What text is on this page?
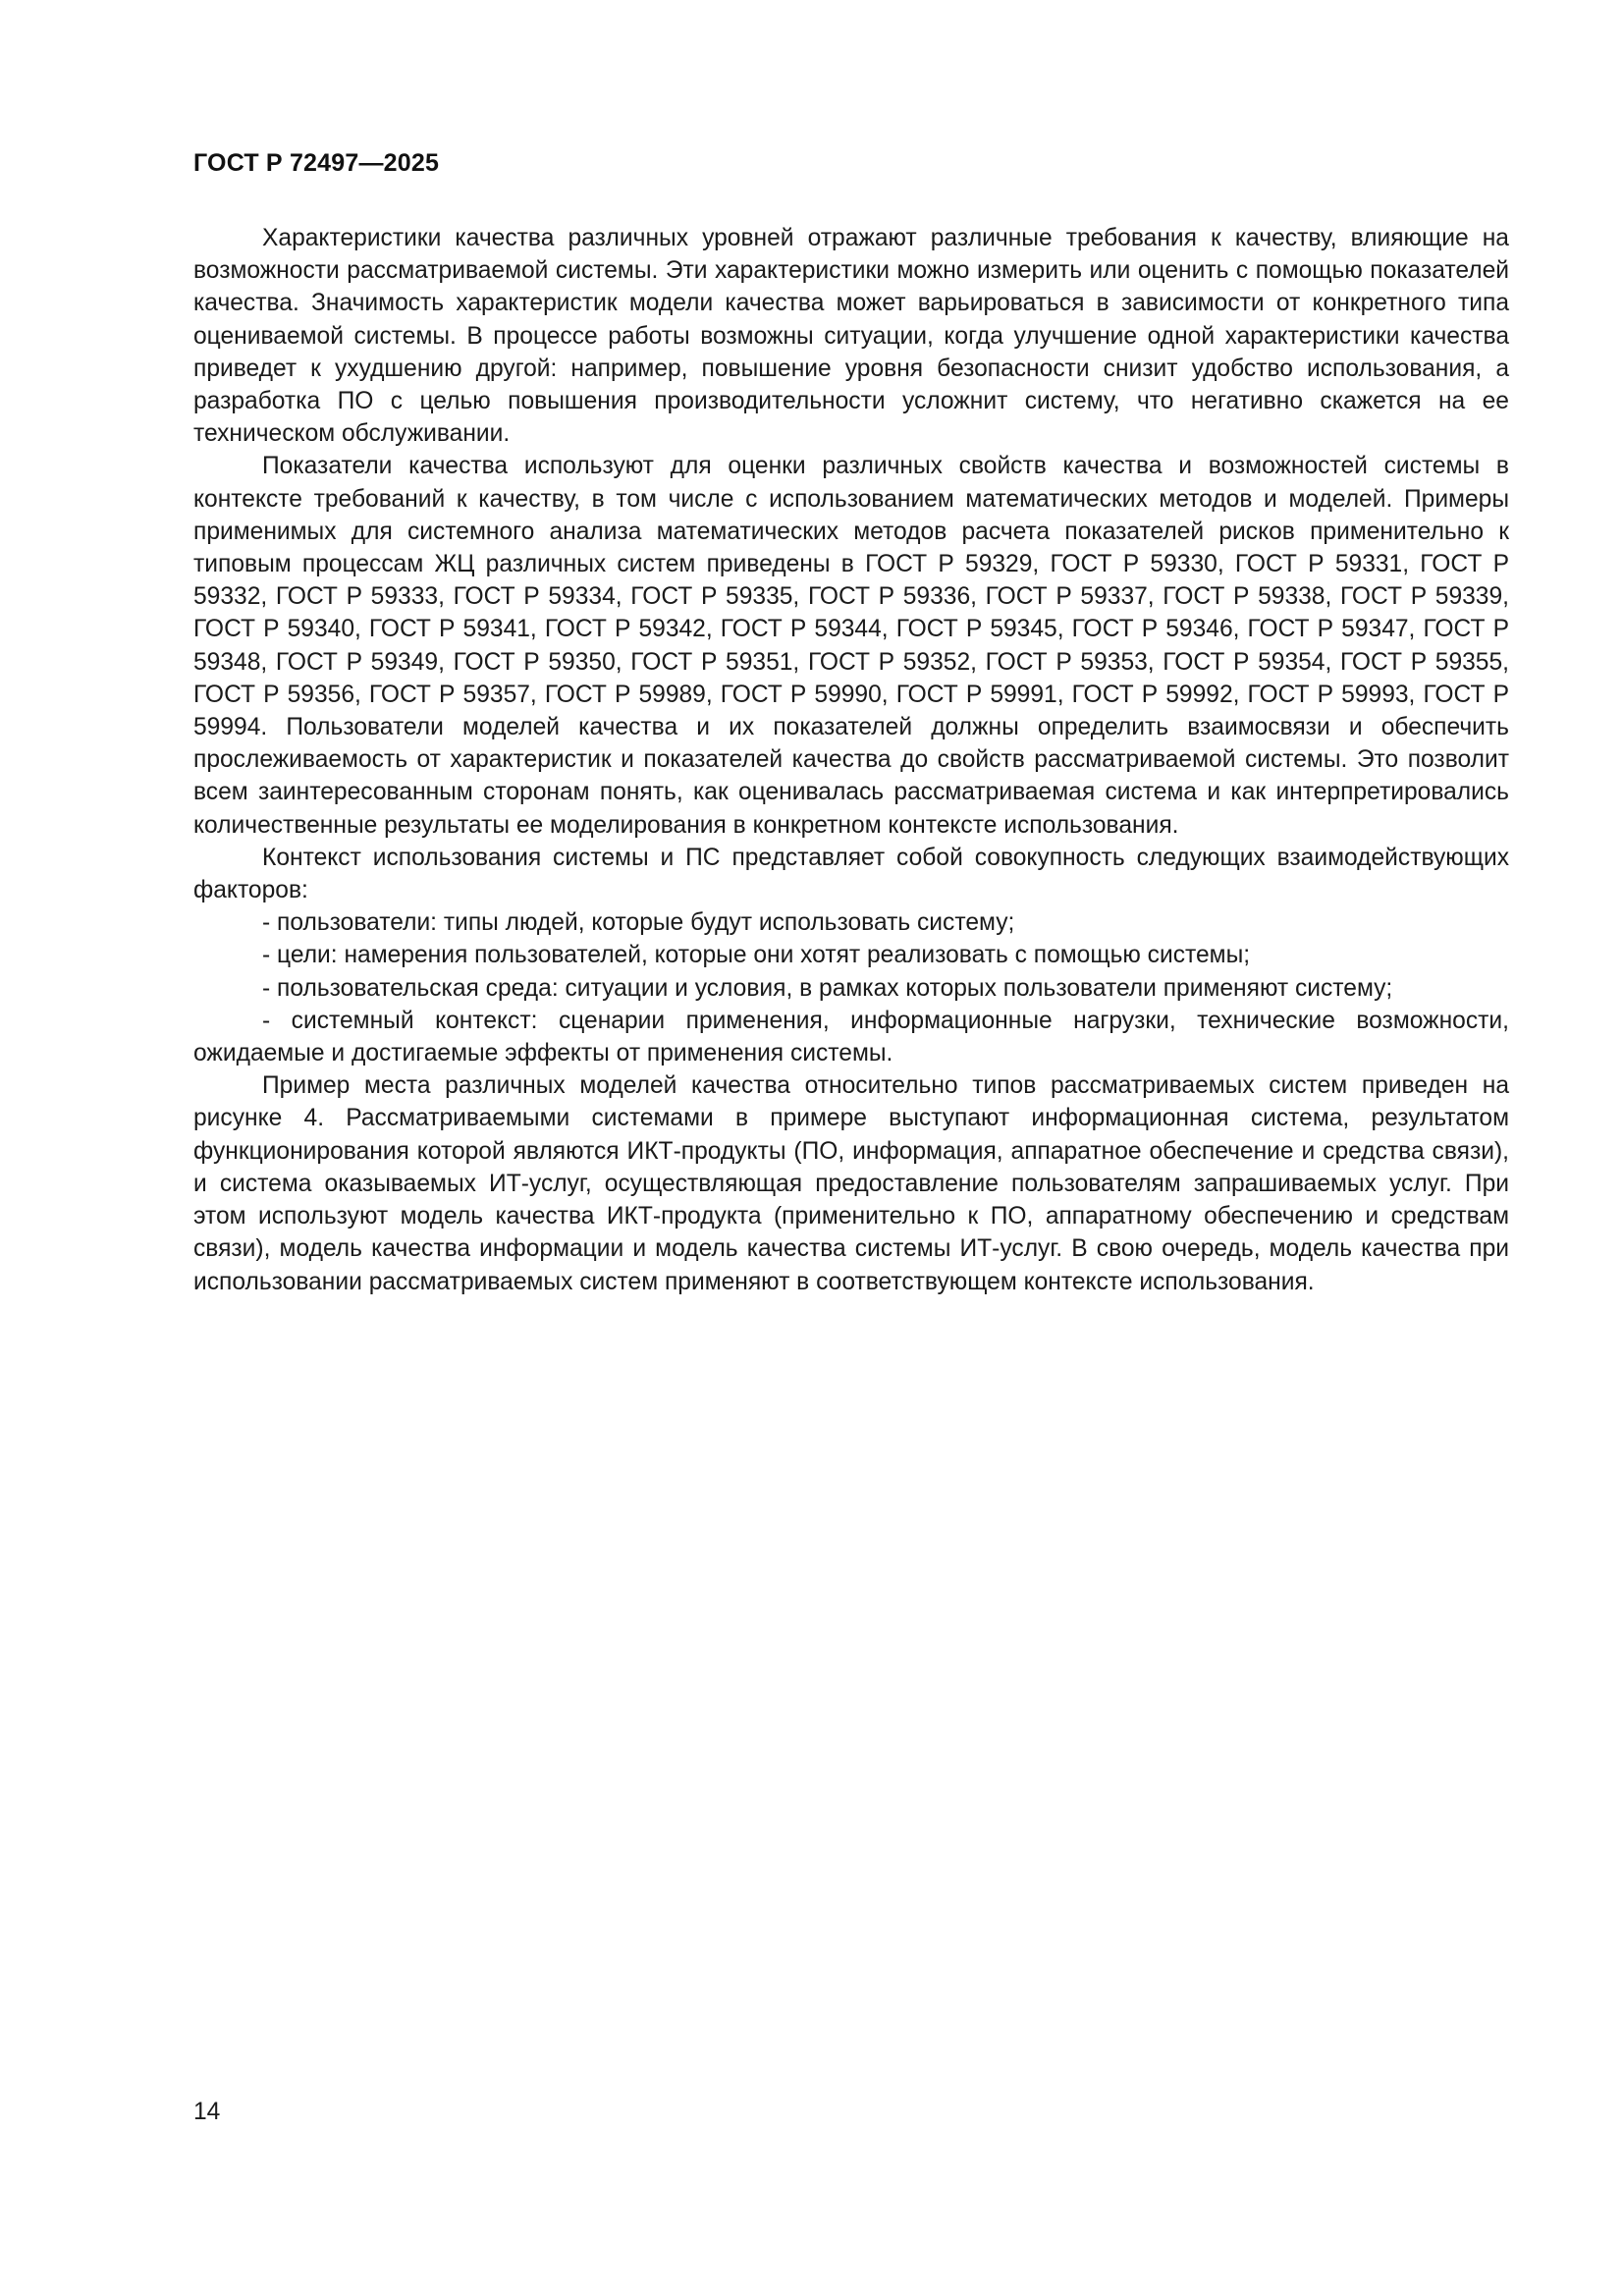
ГОСТ Р 72497—2025

Характеристики качества различных уровней отражают различные требования к качеству, влияющие на возможности рассматриваемой системы. Эти характеристики можно измерить или оценить с помощью показателей качества. Значимость характеристик модели качества может варьироваться в зависимости от конкретного типа оцениваемой системы. В процессе работы возможны ситуации, когда улучшение одной характеристики качества приведет к ухудшению другой: например, повышение уровня безопасности снизит удобство использования, а разработка ПО с целью повышения производительности усложнит систему, что негативно скажется на ее техническом обслуживании.

Показатели качества используют для оценки различных свойств качества и возможностей системы в контексте требований к качеству, в том числе с использованием математических методов и моделей. Примеры применимых для системного анализа математических методов расчета показателей рисков применительно к типовым процессам ЖЦ различных систем приведены в ГОСТ Р 59329, ГОСТ Р 59330, ГОСТ Р 59331, ГОСТ Р 59332, ГОСТ Р 59333, ГОСТ Р 59334, ГОСТ Р 59335, ГОСТ Р 59336, ГОСТ Р 59337, ГОСТ Р 59338, ГОСТ Р 59339, ГОСТ Р 59340, ГОСТ Р 59341, ГОСТ Р 59342, ГОСТ Р 59344, ГОСТ Р 59345, ГОСТ Р 59346, ГОСТ Р 59347, ГОСТ Р 59348, ГОСТ Р 59349, ГОСТ Р 59350, ГОСТ Р 59351, ГОСТ Р 59352, ГОСТ Р 59353, ГОСТ Р 59354, ГОСТ Р 59355, ГОСТ Р 59356, ГОСТ Р 59357, ГОСТ Р 59989, ГОСТ Р 59990, ГОСТ Р 59991, ГОСТ Р 59992, ГОСТ Р 59993, ГОСТ Р 59994. Пользователи моделей качества и их показателей должны определить взаимосвязи и обеспечить прослеживаемость от характеристик и показателей качества до свойств рассматриваемой системы. Это позволит всем заинтересованным сторонам понять, как оценивалась рассматриваемая система и как интерпретировались количественные результаты ее моделирования в конкретном контексте использования.

Контекст использования системы и ПС представляет собой совокупность следующих взаимодействующих факторов:

- пользователи: типы людей, которые будут использовать систему;

- цели: намерения пользователей, которые они хотят реализовать с помощью системы;

- пользовательская среда: ситуации и условия, в рамках которых пользователи применяют систему;

- системный контекст: сценарии применения, информационные нагрузки, технические возможности, ожидаемые и достигаемые эффекты от применения системы.

Пример места различных моделей качества относительно типов рассматриваемых систем приведен на рисунке 4. Рассматриваемыми системами в примере выступают информационная система, результатом функционирования которой являются ИКТ-продукты (ПО, информация, аппаратное обеспечение и средства связи), и система оказываемых ИТ-услуг, осуществляющая предоставление пользователям запрашиваемых услуг. При этом используют модель качества ИКТ-продукта (применительно к ПО, аппаратному обеспечению и средствам связи), модель качества информации и модель качества системы ИТ-услуг. В свою очередь, модель качества при использовании рассматриваемых систем применяют в соответствующем контексте использования.

14
